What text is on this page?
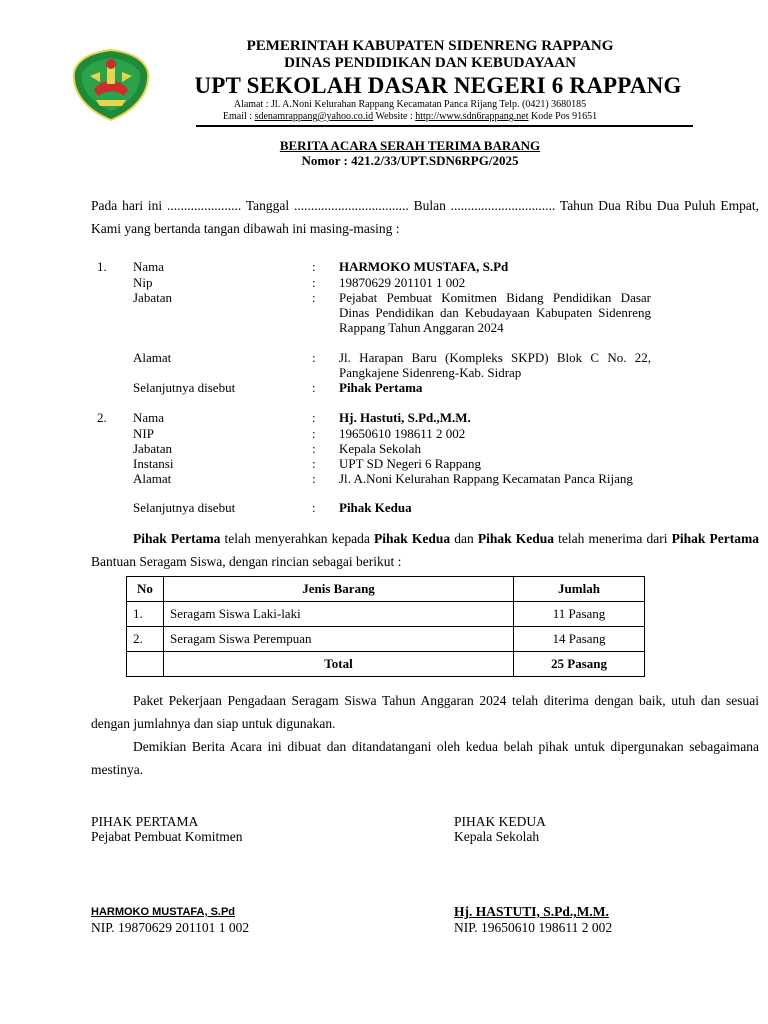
PEMERINTAH KABUPATEN SIDENRENG RAPPANG
DINAS PENDIDIKAN DAN KEBUDAYAAN
UPT SEKOLAH DASAR NEGERI 6 RAPPANG
Alamat : Jl. A.Noni Kelurahan Rappang Kecamatan Panca Rijang Telp. (0421) 3680185
Email : sdenamrappang@yahoo.co.id Website : http://www.sdn6rappang.net Kode Pos 91651
BERITA ACARA SERAH TERIMA BARANG
Nomor : 421.2/33/UPT.SDN6RPG/2025
Pada hari ini ...................... Tanggal .................................. Bulan ............................... Tahun Dua Ribu Dua Puluh Empat, Kami yang bertanda tangan dibawah ini masing-masing :
1. Nama	: HARMOKO MUSTAFA, S.Pd
Nip	: 19870629 201101 1 002
Jabatan	: Pejabat Pembuat Komitmen Bidang Pendidikan Dasar Dinas Pendidikan dan Kebudayaan Kabupaten Sidenreng Rappang Tahun Anggaran 2024
Alamat	: Jl. Harapan Baru (Kompleks SKPD) Blok C No. 22, Pangkajene Sidenreng-Kab. Sidrap
Selanjutnya disebut	: Pihak Pertama
2. Nama	: Hj. Hastuti, S.Pd.,M.M.
NIP	: 19650610 198611 2 002
Jabatan	: Kepala Sekolah
Instansi	: UPT SD Negeri 6 Rappang
Alamat	: Jl. A.Noni Kelurahan Rappang Kecamatan Panca Rijang
Selanjutnya disebut	: Pihak Kedua
Pihak Pertama telah menyerahkan kepada Pihak Kedua dan Pihak Kedua telah menerima dari Pihak Pertama Bantuan Seragam Siswa, dengan rincian sebagai berikut :
No	Jenis Barang	Jumlah
1.	Seragam Siswa Laki-laki	11 Pasang
2.	Seragam Siswa Perempuan	14 Pasang
	Total	25 Pasang
Paket Pekerjaan Pengadaan Seragam Siswa Tahun Anggaran 2024 telah diterima dengan baik, utuh dan sesuai dengan jumlahnya dan siap untuk digunakan.
Demikian Berita Acara ini dibuat dan ditandatangani oleh kedua belah pihak untuk dipergunakan sebagaimana mestinya.
PIHAK PERTAMA
Pejabat Pembuat Komitmen
HARMOKO MUSTAFA, S.Pd
NIP. 19870629 201101 1 002
PIHAK KEDUA
Kepala Sekolah
Hj. HASTUTI, S.Pd.,M.M.
NIP. 19650610 198611 2 002
